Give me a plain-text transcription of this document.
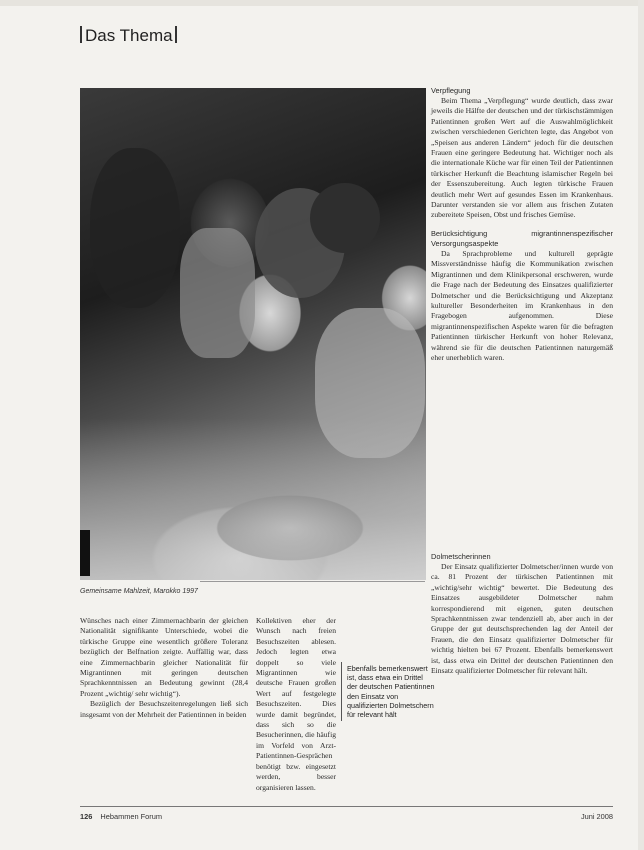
Das Thema
Gemeinsame Mahlzeit, Marokko 1997
Verpflegung

Beim Thema „Verpflegung“ wurde deutlich, dass zwar jeweils die Hälfte der deutschen und der türkischstämmigen Patientinnen großen Wert auf die Auswahlmöglichkeit zwischen verschiedenen Gerichten legte, das Angebot von „Speisen aus anderen Ländern“ jedoch für die deutschen Frauen eine geringere Bedeutung hat. Wichtiger noch als die internationale Küche war für einen Teil der Patientinnen türkischer Herkunft die Beachtung islamischer Regeln bei der Essenszubereitung. Auch legten türkische Frauen deutlich mehr Wert auf gesundes Essen im Krankenhaus. Darunter verstanden sie vor allem aus frischen Zutaten zubereitete Speisen, Obst und frisches Gemüse.

Berücksichtigung migrantinnenspezifischer Versorgungsaspekte

Da Sprachprobleme und kulturell geprägte Missverständnisse häufig die Kommunikation zwischen Migrantinnen und dem Klinikpersonal erschweren, wurde die Frage nach der Bedeutung des Einsatzes qualifizierter Dolmetscher und die Berücksichtigung und Akzeptanz kultureller Besonderheiten im Krankenhaus in den Fragebogen aufgenommen. Diese migrantinnenspezifischen Aspekte waren für die befragten Patientinnen türkischer Herkunft von hoher Relevanz, während sie für die deutschen Patientinnen naturgemäß eher unerheblich waren.

Dolmetscherinnen

Der Einsatz qualifizierter Dolmetscher/innen wurde von ca. 81 Prozent der türkischen Patientinnen mit „wichtig/sehr wichtig“ bewertet. Die Bedeutung des Einsatzes ausgebildeter Dolmetscher nahm korrespondierend mit eigenen, guten deutschen Sprachkenntnissen zwar tendenziell ab, aber auch in der Gruppe der gut deutschsprechenden lag der Anteil der Frauen, die den Einsatz qualifizierter Dolmetscher für wichtig hielten bei 67 Prozent. Ebenfalls bemerkenswert ist, dass etwa ein Drittel der deutschen Patientinnen den Einsatz qualifizierter Dolmetscher für relevant hält.

Wünsches nach einer Zimmernachbarin der gleichen Nationalität signifikante Unterschiede, wobei die türkische Gruppe eine wesentlich größere Toleranz bezüglich der Belfnation zeigte. Auffällig war, dass eine Zimmernachbarin gleicher Nationalität für Migrantinnen mit geringen deutschen Sprachkenntnissen an Bedeutung gewinnt (28,4 Prozent „wichtig/ sehr wichtig“).

Bezüglich der Besuchszeitenregelungen ließ sich insgesamt von der Mehrheit der Patientinnen in beiden

Kollektiven eher der Wunsch nach freien Besuchszeiten ablesen. Jedoch legten etwa doppelt so viele Migrantinnen wie deutsche Frauen großen Wert auf festgelegte Besuchszeiten. Dies wurde damit begründet, dass sich so die Besucherinnen, die häufig im Vorfeld von Arzt-Patientinnen-Gesprächen benötigt bzw. eingesetzt werden, besser organisieren lassen.

Ebenfalls bemerkenswert ist, dass etwa ein Drittel der deutschen Patientinnen den Einsatz von qualifizierten Dolmetschern für relevant hält
126 Hebammen Forum	Juni 2008
